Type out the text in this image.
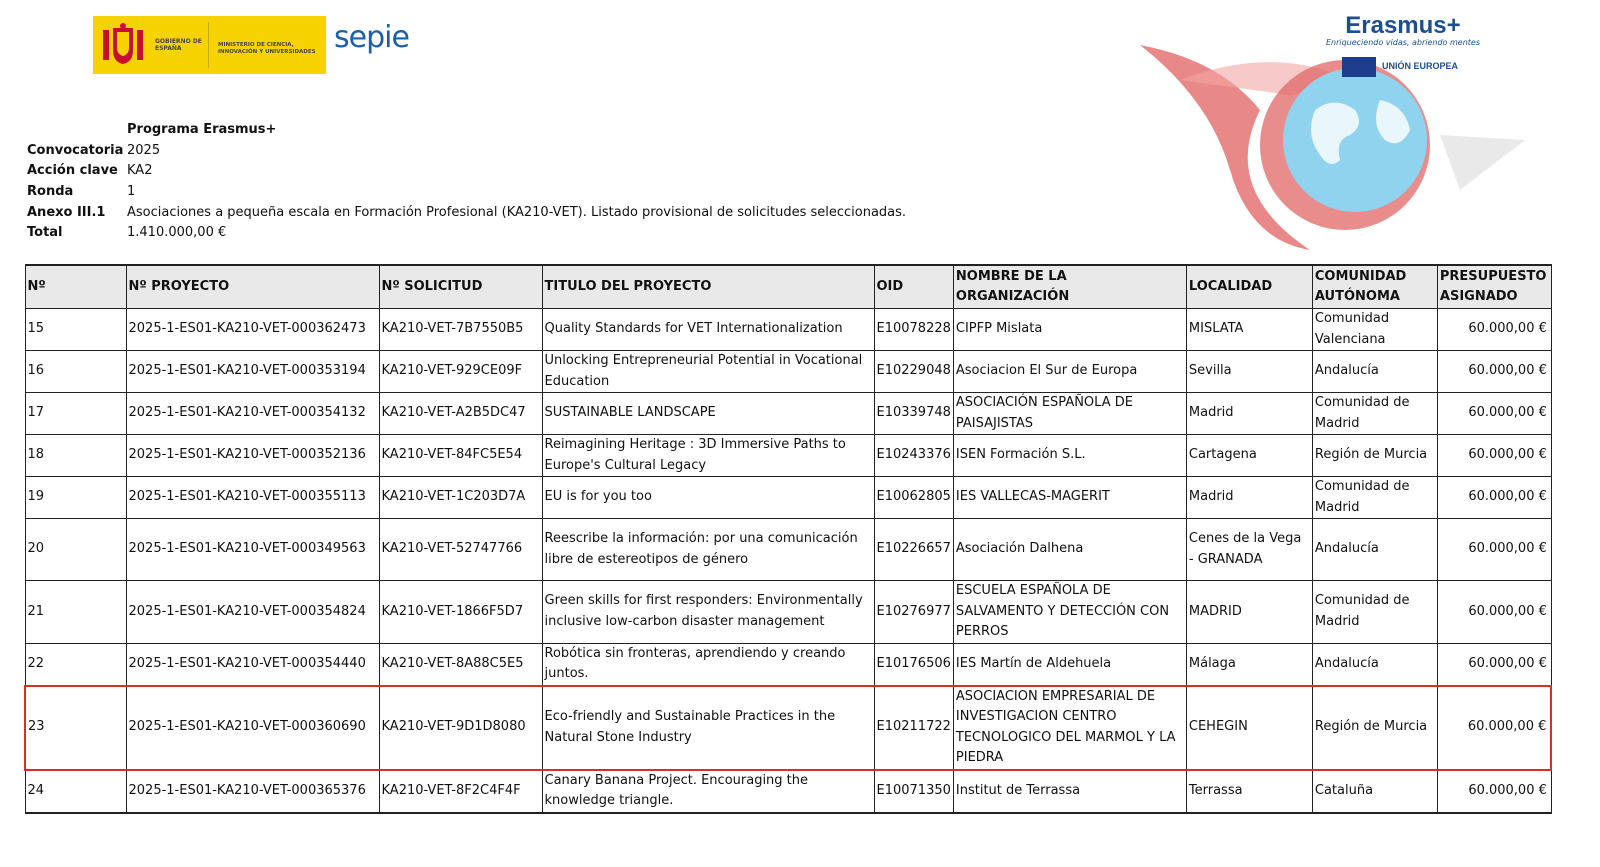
GOBIERNO DE ESPAÑA	MINISTERIO DE CIENCIA, INNOVACIÓN Y UNIVERSIDADES sepie	Erasmus+
Enriqueciendo vidas, abriendo mentes
UNIÓN EUROPEA
Programa Erasmus+
Convocatoria 2025
Acción clave KA2
Ronda	1
Anexo III.1 Asociaciones a pequeña escala en Formación Profesional (KA210-VET). Listado provisional de solicitudes seleccionadas.
Total	1.410.000,00 €
Nº	Nº PROYECTO	Nº SOLICITUD	TITULO DEL PROYECTO	OID	NOMBRE DE LA ORGANIZACIÓN	LOCALIDAD	COMUNIDAD AUTÓNOMA	PRESUPUESTO ASIGNADO
15	2025-1-ES01-KA210-VET-000362473	KA210-VET-7B7550B5	Quality Standards for VET Internationalization	E10078228	CIPFP Mislata	MISLATA	Comunidad Valenciana	60.000,00 €
16	2025-1-ES01-KA210-VET-000353194	KA210-VET-929CE09F	Unlocking Entrepreneurial Potential in Vocational Education	E10229048	Asociacion El Sur de Europa	Sevilla	Andalucía	60.000,00 €
17	2025-1-ES01-KA210-VET-000354132	KA210-VET-A2B5DC47	SUSTAINABLE LANDSCAPE	E10339748	ASOCIACIÓN ESPAÑOLA DE PAISAJISTAS	Madrid	Comunidad de Madrid	60.000,00 €
18	2025-1-ES01-KA210-VET-000352136	KA210-VET-84FC5E54	Reimagining Heritage : 3D Immersive Paths to Europe's Cultural Legacy	E10243376	ISEN Formación S.L.	Cartagena	Región de Murcia	60.000,00 €
19	2025-1-ES01-KA210-VET-000355113	KA210-VET-1C203D7A	EU is for you too	E10062805	IES VALLECAS-MAGERIT	Madrid	Comunidad de Madrid	60.000,00 €
20	2025-1-ES01-KA210-VET-000349563	KA210-VET-52747766	Reescribe la información: por una comunicación libre de estereotipos de género	E10226657	Asociación Dalhena	Cenes de la Vega - GRANADA	Andalucía	60.000,00 €
21	2025-1-ES01-KA210-VET-000354824	KA210-VET-1866F5D7	Green skills for first responders: Environmentally inclusive low-carbon disaster management	E10276977	ESCUELA ESPAÑOLA DE SALVAMENTO Y DETECCIÓN CON PERROS	MADRID	Comunidad de Madrid	60.000,00 €
22	2025-1-ES01-KA210-VET-000354440	KA210-VET-8A88C5E5	Robótica sin fronteras, aprendiendo y creando juntos.	E10176506	IES Martín de Aldehuela	Málaga	Andalucía	60.000,00 €
23	2025-1-ES01-KA210-VET-000360690	KA210-VET-9D1D8080	Eco-friendly and Sustainable Practices in the Natural Stone Industry	E10211722	ASOCIACION EMPRESARIAL DE INVESTIGACION CENTRO TECNOLOGICO DEL MARMOL Y LA PIEDRA	CEHEGIN	Región de Murcia	60.000,00 €
24	2025-1-ES01-KA210-VET-000365376	KA210-VET-8F2C4F4F	Canary Banana Project. Encouraging the knowledge triangle.	E10071350	Institut de Terrassa	Terrassa	Cataluña	60.000,00 €
